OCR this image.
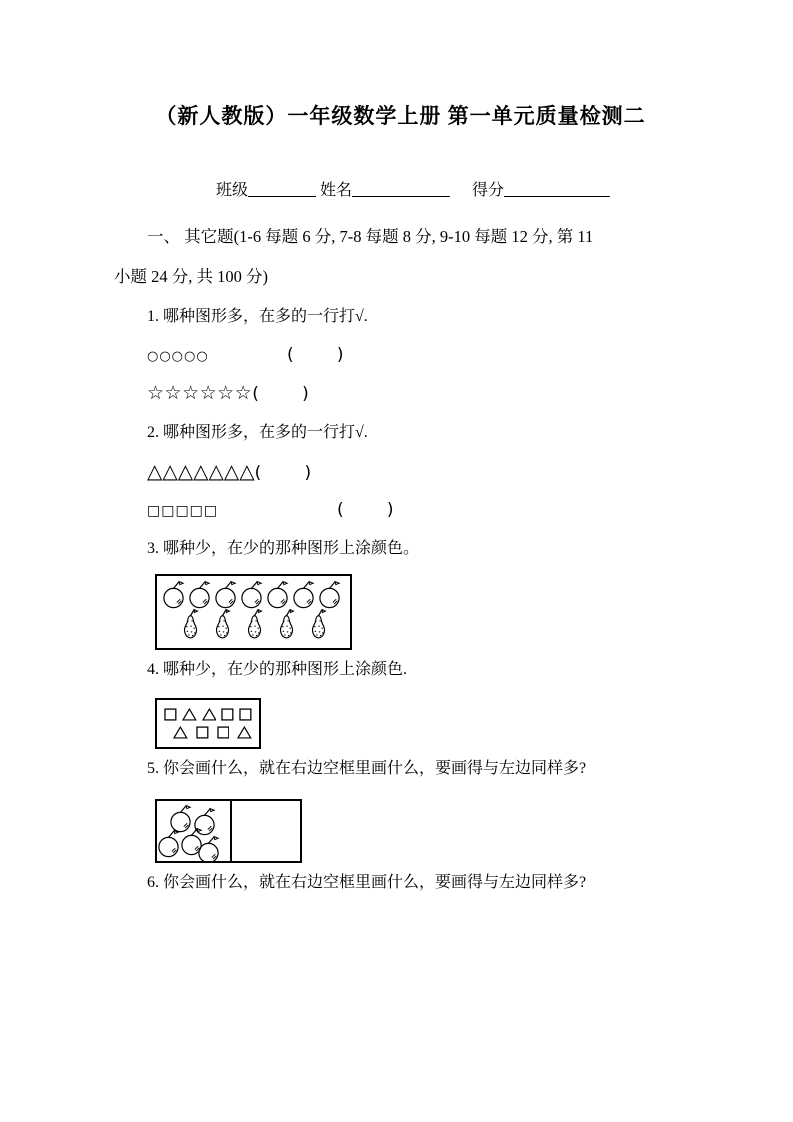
（新人教版）一年级数学上册 第一单元质量检测二
班级	姓名	得分

一、 其它题(1-6 每题 6 分, 7-8 每题 8 分, 9-10 每题 12 分, 第 11
小题 24 分, 共 100 分)

1. 哪种图形多，在多的一行打√.

○○○○○	(        )

☆☆☆☆☆☆(        )

2. 哪种图形多，在多的一行打√.

△△△△△△△(        )

□□□□□	(        )

3. 哪种少，在少的那种图形上涂颜色。

4. 哪种少，在少的那种图形上涂颜色.

5. 你会画什么，就在右边空框里画什么，要画得与左边同样多?

6. 你会画什么，就在右边空框里画什么，要画得与左边同样多?
